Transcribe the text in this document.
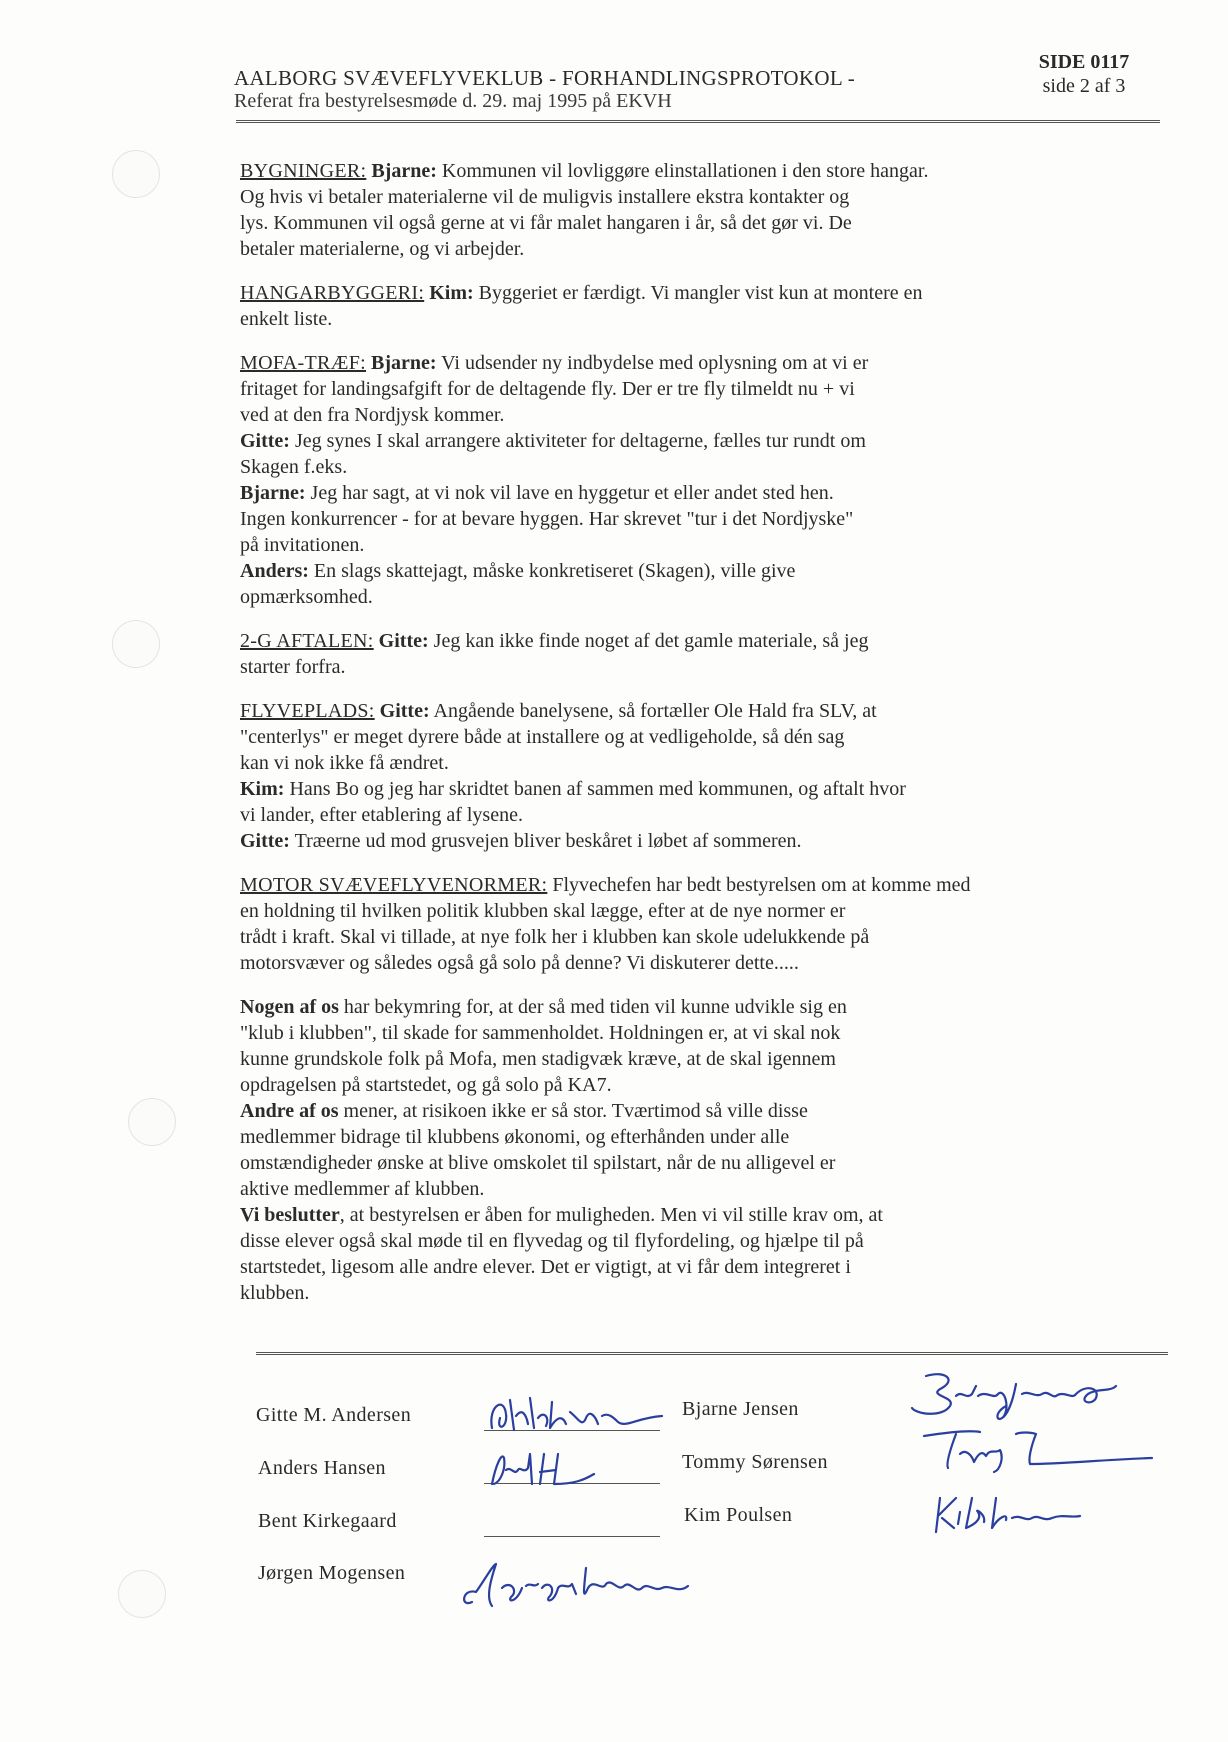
AALBORG SVÆVEFLYVEKLUB - FORHANDLINGSPROTOKOL -
Referat fra bestyrelsesmøde d. 29. maj 1995 på EKVH
SIDE 0117
side 2 af 3
BYGNINGER: Bjarne: Kommunen vil lovliggøre elinstallationen i den store hangar.
Og hvis vi betaler materialerne vil de muligvis installere ekstra kontakter og
lys. Kommunen vil også gerne at vi får malet hangaren i år, så det gør vi. De
betaler materialerne, og vi arbejder.
HANGARBYGGERI: Kim: Byggeriet er færdigt. Vi mangler vist kun at montere en
enkelt liste.
MOFA-TRÆF: Bjarne: Vi udsender ny indbydelse med oplysning om at vi er
fritaget for landingsafgift for de deltagende fly. Der er tre fly tilmeldt nu + vi
ved at den fra Nordjysk kommer.
Gitte: Jeg synes I skal arrangere aktiviteter for deltagerne, fælles tur rundt om
Skagen f.eks.
Bjarne: Jeg har sagt, at vi nok vil lave en hyggetur et eller andet sted hen.
Ingen konkurrencer - for at bevare hyggen. Har skrevet "tur i det Nordjyske"
på invitationen.
Anders: En slags skattejagt, måske konkretiseret (Skagen), ville give
opmærksomhed.
2-G AFTALEN: Gitte: Jeg kan ikke finde noget af det gamle materiale, så jeg
starter forfra.
FLYVEPLADS: Gitte: Angående banelysene, så fortæller Ole Hald fra SLV, at
"centerlys" er meget dyrere både at installere og at vedligeholde, så dén sag
kan vi nok ikke få ændret.
Kim: Hans Bo og jeg har skridtet banen af sammen med kommunen, og aftalt hvor
vi lander, efter etablering af lysene.
Gitte: Træerne ud mod grusvejen bliver beskåret i løbet af sommeren.
MOTOR SVÆVEFLYVENORMER: Flyvechefen har bedt bestyrelsen om at komme med
en holdning til hvilken politik klubben skal lægge, efter at de nye normer er
trådt i kraft. Skal vi tillade, at nye folk her i klubben kan skole udelukkende på
motorsvæver og således også gå solo på denne? Vi diskuterer dette.....
Nogen af os har bekymring for, at der så med tiden vil kunne udvikle sig en
"klub i klubben", til skade for sammenholdet. Holdningen er, at vi skal nok
kunne grundskole folk på Mofa, men stadigvæk kræve, at de skal igennem
opdragelsen på startstedet, og gå solo på KA7.
Andre af os mener, at risikoen ikke er så stor. Tværtimod så ville disse
medlemmer bidrage til klubbens økonomi, og efterhånden under alle
omstændigheder ønske at blive omskolet til spilstart, når de nu alligevel er
aktive medlemmer af klubben.
Vi beslutter, at bestyrelsen er åben for muligheden. Men vi vil stille krav om, at
disse elever også skal møde til en flyvedag og til flyfordeling, og hjælpe til på
startstedet, ligesom alle andre elever. Det er vigtigt, at vi får dem integreret i
klubben.
Gitte M. Andersen
Anders Hansen
Bent Kirkegaard
Jørgen Mogensen
Bjarne Jensen
Tommy Sørensen
Kim Poulsen
